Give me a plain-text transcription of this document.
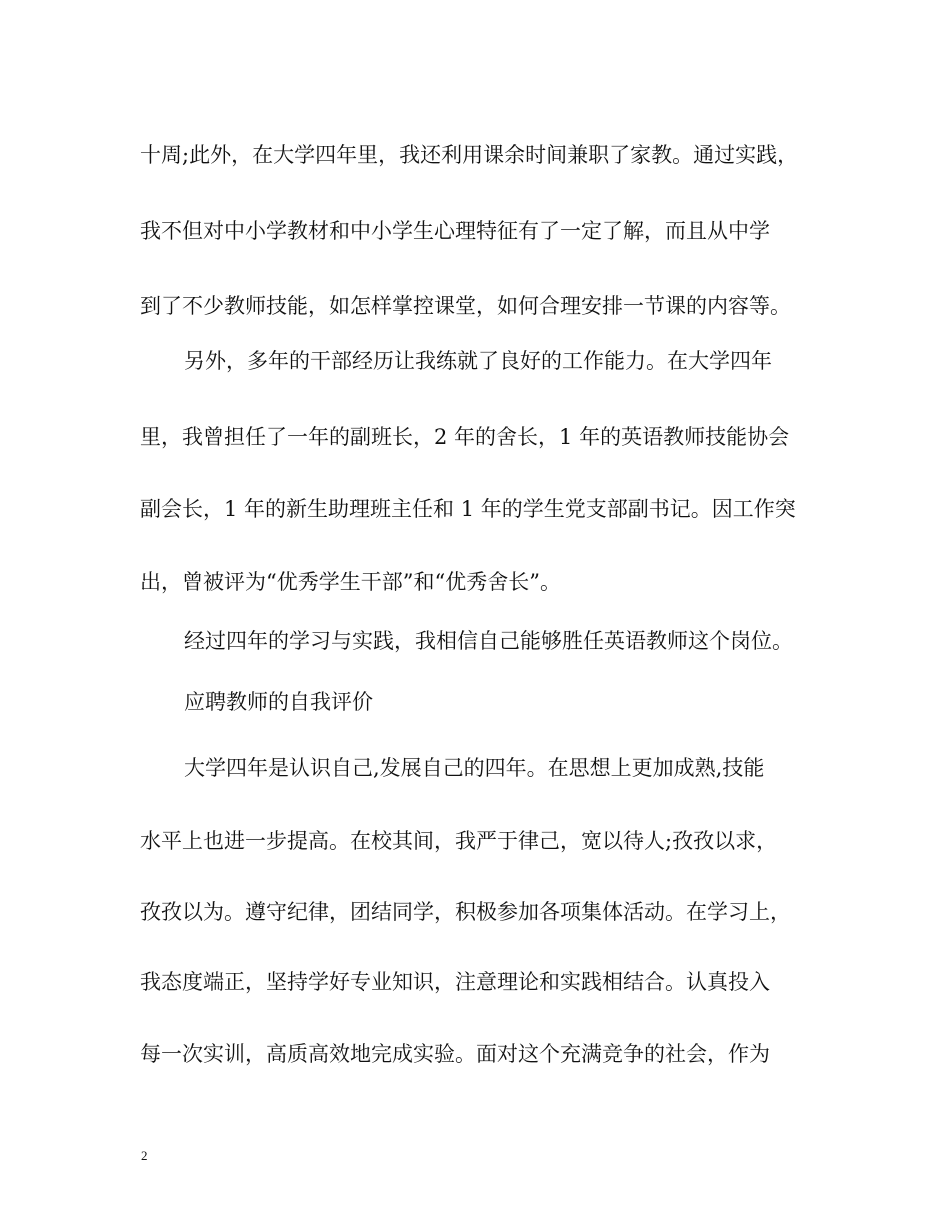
十周;此外，在大学四年里，我还利用课余时间兼职了家教。通过实践，

我不但对中小学教材和中小学生心理特征有了一定了解，而且从中学

到了不少教师技能，如怎样掌控课堂，如何合理安排一节课的内容等。

另外，多年的干部经历让我练就了良好的工作能力。在大学四年

里，我曾担任了一年的副班长，2 年的舍长，1 年的英语教师技能协会

副会长，1 年的新生助理班主任和 1 年的学生党支部副书记。因工作突

出，曾被评为“优秀学生干部”和“优秀舍长”。

经过四年的学习与实践，我相信自己能够胜任英语教师这个岗位。

应聘教师的自我评价

大学四年是认识自己,发展自己的四年。在思想上更加成熟,技能

水平上也进一步提高。在校其间，我严于律己，宽以待人;孜孜以求，

孜孜以为。遵守纪律，团结同学，积极参加各项集体活动。在学习上，

我态度端正，坚持学好专业知识，注意理论和实践相结合。认真投入

每一次实训，高质高效地完成实验。面对这个充满竞争的社会，作为

2
